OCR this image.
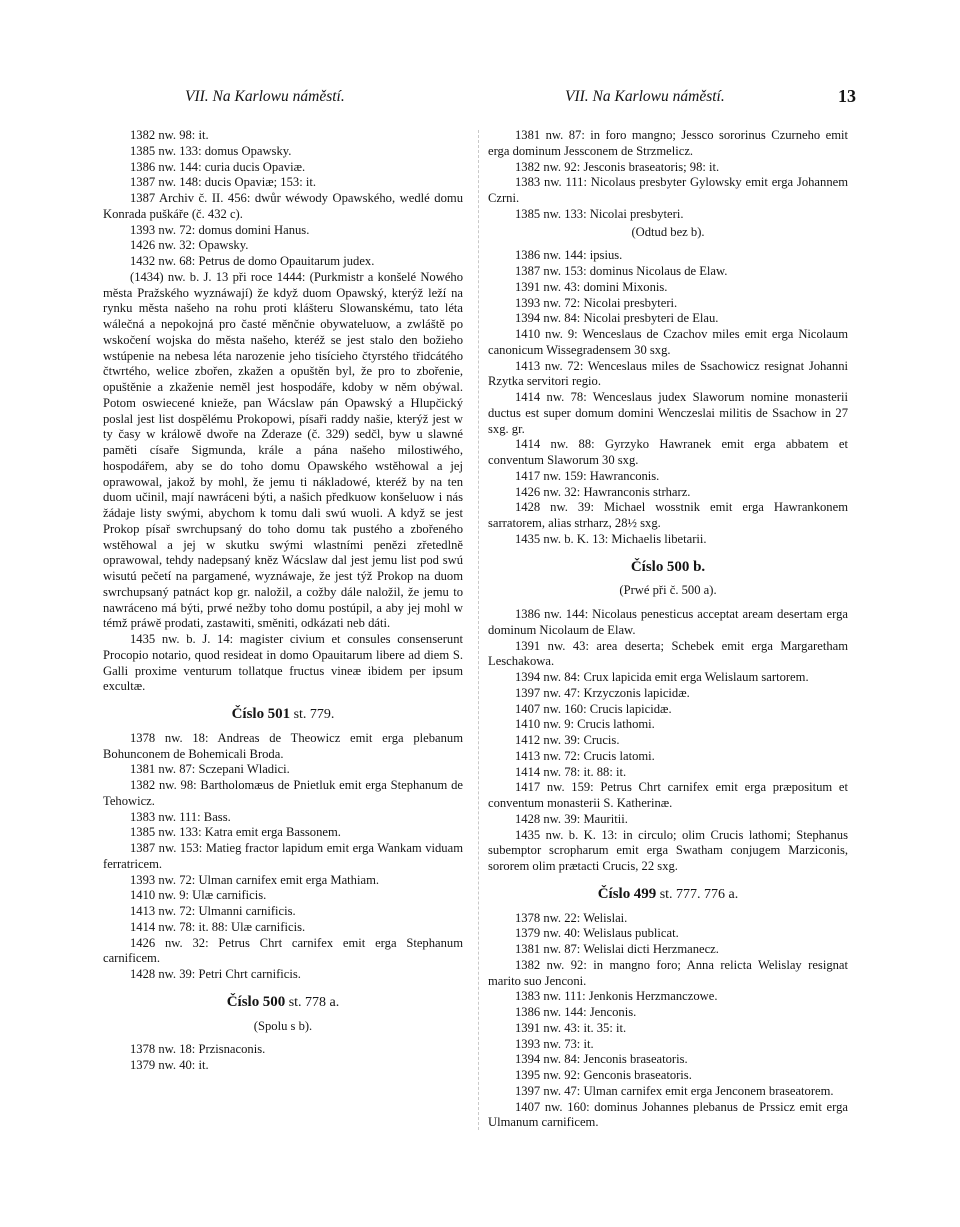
VII. Na Karlowu náměstí.	VII. Na Karlowu náměstí.	13

1382 nw. 98: it.

1385 nw. 133: domus Opawsky.

1386 nw. 144: curia ducis Opaviæ.

1387 nw. 148: ducis Opaviæ; 153: it.

1387 Archiv č. II. 456: dwůr wéwody Opawského, wedlé domu Konrada puškáře (č. 432 c).

1393 nw. 72: domus domini Hanus.

1426 nw. 32: Opawsky.

1432 nw. 68: Petrus de domo Opauitarum judex.

(1434) nw. b. J. 13 při roce 1444: (Purkmistr a konšelé Nowého města Pražského wyznáwají) že když duom Opawský, kterýž leží na rynku města našeho na rohu proti klášteru Slowanskému, tato léta wálečná a nepokojná pro časté měnčnie obywateluow, a zwláště po wskočení wojska do města našeho, kteréž se jest stalo den božieho wstúpenie na nebesa léta narozenie jeho tisícieho čtyrstého třidcátého čtwrtého, welice zbořen, zkažen a opuštěn byl, že pro to zbořenie, opuštěnie a zkaženie neměl jest hospodáře, kdoby w něm obýwal. Potom oswiecené knieže, pan Wácslaw pán Opawský a Hlupčický poslal jest list dospělému Prokopowi, písaři raddy našie, kterýž jest w ty časy w králowě dwoře na Zderaze (č. 329) sedčl, byw u slawné paměti císaře Sigmunda, krále a pána našeho milostiwého, hospodářem, aby se do toho domu Opawského wstěhowal a jej oprawowal, jakož by mohl, že jemu ti nákladowé, kteréž by na ten duom učinil, mají nawráceni býti, a našich předkuow konšeluow i nás žádaje listy swými, abychom k tomu dali swú wuoli. A když se jest Prokop písař swrchupsaný do toho domu tak pustého a zbořeného wstěhowal a jej w skutku swými wlastními penězi zřetedlně oprawowal, tehdy nadepsaný kněz Wácslaw dal jest jemu list pod swú wisutú pečetí na pargamené, wyznáwaje, že jest týž Prokop na duom swrchupsaný patnáct kop gr. naložil, a cožby dále naložil, že jemu to nawráceno má býti, prwé nežby toho domu postúpil, a aby jej mohl w témž práwě prodati, zastawiti, směniti, odkázati neb dáti.

1435 nw. b. J. 14: magister civium et consules consenserunt Procopio notario, quod resideat in domo Opauitarum libere ad diem S. Galli proxime venturum tollatque fructus vineæ ibidem per ipsum excultæ.

Číslo 501 st. 779.

1378 nw. 18: Andreas de Theowicz emit erga plebanum Bohunconem de Bohemicali Broda.

1381 nw. 87: Sczepani Wladici.

1382 nw. 98: Bartholomæus de Pnietluk emit erga Stephanum de Tehowicz.

1383 nw. 111: Bass.

1385 nw. 133: Katra emit erga Bassonem.

1387 nw. 153: Matieg fractor lapidum emit erga Wankam viduam ferratricem.

1393 nw. 72: Ulman carnifex emit erga Mathiam.

1410 nw. 9: Ulæ carnificis.

1413 nw. 72: Ulmanni carnificis.

1414 nw. 78: it. 88: Ulæ carnificis.

1426 nw. 32: Petrus Chrt carnifex emit erga Stephanum carnificem.

1428 nw. 39: Petri Chrt carnificis.

Číslo 500 st. 778 a.
(Spolu s b).

1378 nw. 18: Przisnaconis.

1379 nw. 40: it.

1381 nw. 87: in foro mangno; Jessco sororinus Czurneho emit erga dominum Jessconem de Strzmelicz.

1382 nw. 92: Jesconis braseatoris; 98: it.

1383 nw. 111: Nicolaus presbyter Gylowsky emit erga Johannem Czrni.

1385 nw. 133: Nicolai presbyteri.

(Odtud bez b).

1386 nw. 144: ipsius.

1387 nw. 153: dominus Nicolaus de Elaw.

1391 nw. 43: domini Mixonis.

1393 nw. 72: Nicolai presbyteri.

1394 nw. 84: Nicolai presbyteri de Elau.

1410 nw. 9: Wenceslaus de Czachov miles emit erga Nicolaum canonicum Wissegradensem 30 sxg.

1413 nw. 72: Wenceslaus miles de Ssachowicz resignat Johanni Rzytka servitori regio.

1414 nw. 78: Wenceslaus judex Slaworum nomine monasterii ductus est super domum domini Wenczeslai militis de Ssachow in 27 sxg. gr.

1414 nw. 88: Gyrzyko Hawranek emit erga abbatem et conventum Slaworum 30 sxg.

1417 nw. 159: Hawranconis.

1426 nw. 32: Hawranconis strharz.

1428 nw. 39: Michael wosstnik emit erga Hawrankonem sarratorem, alias strharz, 28½ sxg.

1435 nw. b. K. 13: Michaelis libetarii.

Číslo 500 b.
(Prwé při č. 500 a).

1386 nw. 144: Nicolaus penesticus acceptat aream desertam erga dominum Nicolaum de Elaw.

1391 nw. 43: area deserta; Schebek emit erga Margaretham Leschakowa.

1394 nw. 84: Crux lapicida emit erga Welislaum sartorem.

1397 nw. 47: Krzyczonis lapicidæ.

1407 nw. 160: Crucis lapicidæ.

1410 nw. 9: Crucis lathomi.

1412 nw. 39: Crucis.

1413 nw. 72: Crucis latomi.

1414 nw. 78: it. 88: it.

1417 nw. 159: Petrus Chrt carnifex emit erga præpositum et conventum monasterii S. Katherinæ.

1428 nw. 39: Mauritii.

1435 nw. b. K. 13: in circulo; olim Crucis lathomi; Stephanus subemptor scropharum emit erga Swatham conjugem Marziconis, sororem olim prætacti Crucis, 22 sxg.

Číslo 499 st. 777. 776 a.

1378 nw. 22: Welislai.

1379 nw. 40: Welislaus publicat.

1381 nw. 87: Welislai dicti Herzmanecz.

1382 nw. 92: in mangno foro; Anna relicta Welislay resignat marito suo Jenconi.

1383 nw. 111: Jenkonis Herzmanczowe.

1386 nw. 144: Jenconis.

1391 nw. 43: it. 35: it.

1393 nw. 73: it.

1394 nw. 84: Jenconis braseatoris.

1395 nw. 92: Genconis braseatoris.

1397 nw. 47: Ulman carnifex emit erga Jenconem braseatorem.

1407 nw. 160: dominus Johannes plebanus de Prssicz emit erga Ulmanum carnificem.
